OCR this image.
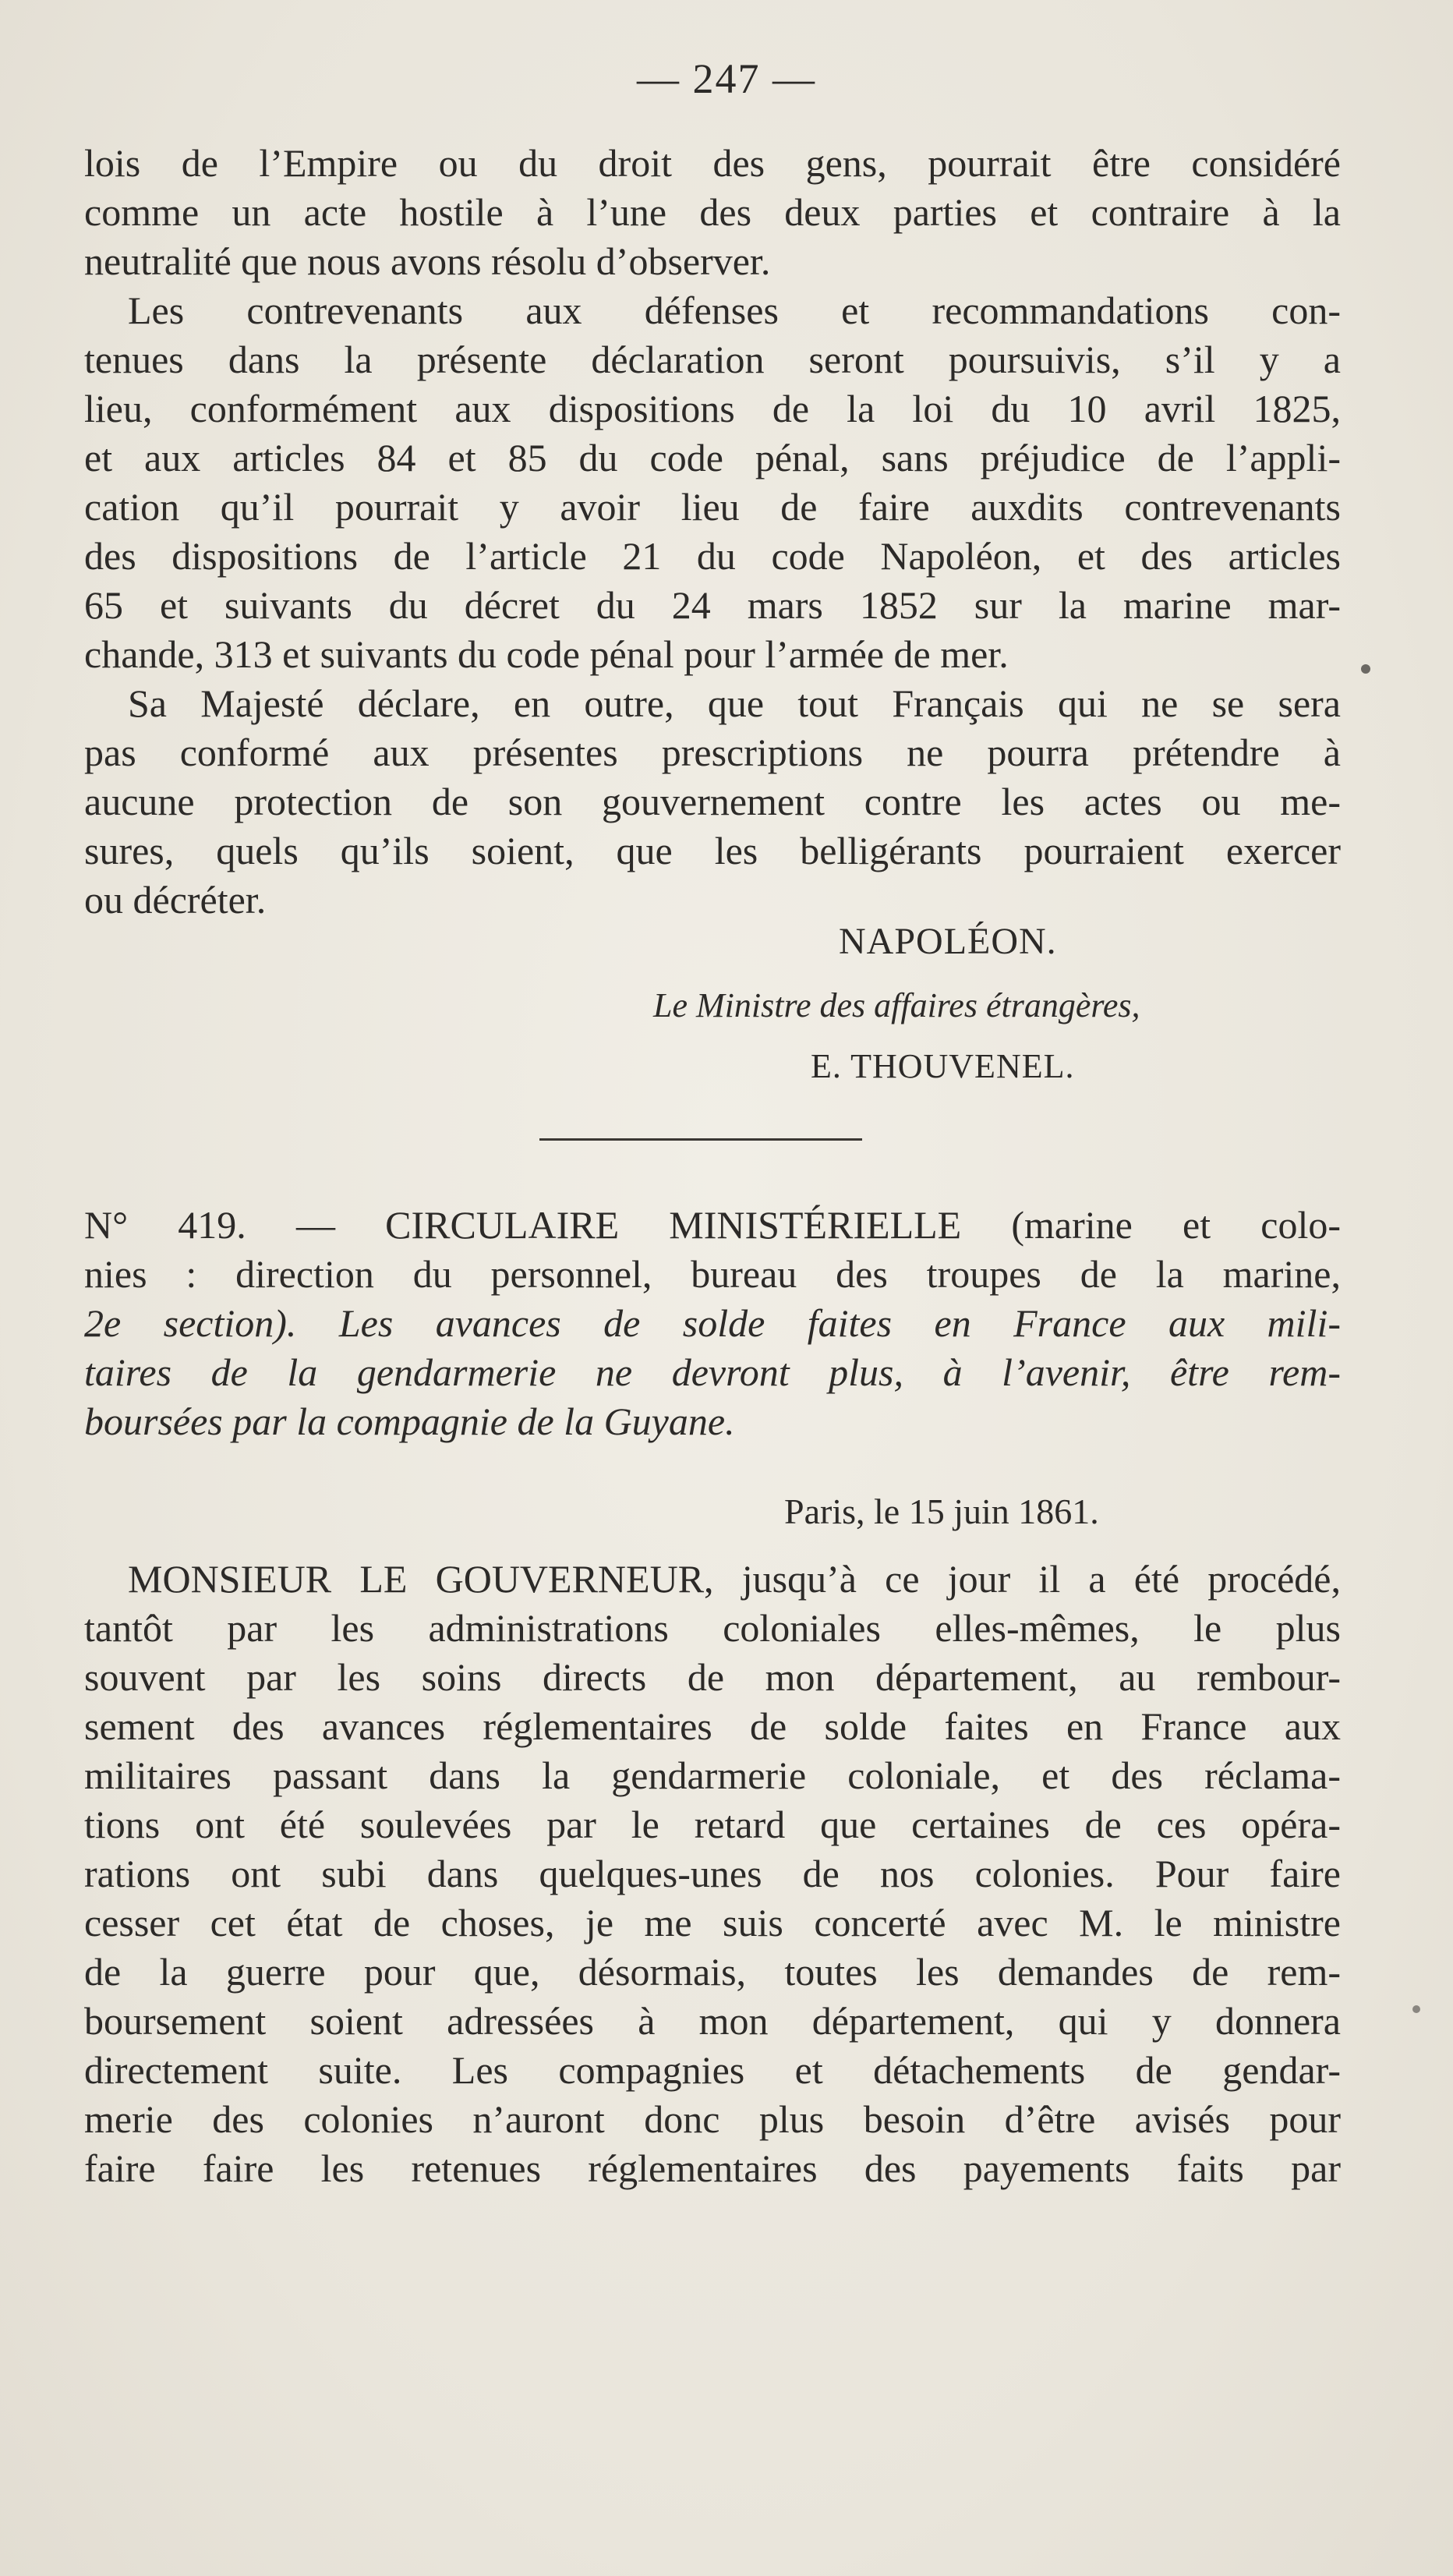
— 247 —
lois de l’Empire ou du droit des gens, pourrait être considéré
comme un acte hostile à l’une des deux parties et contraire à la
neutralité que nous avons résolu d’observer.
Les contrevenants aux défenses et recommandations con-
tenues dans la présente déclaration seront poursuivis, s’il y a
lieu, conformément aux dispositions de la loi du 10 avril 1825,
et aux articles 84 et 85 du code pénal, sans préjudice de l’appli-
cation qu’il pourrait y avoir lieu de faire auxdits contrevenants
des dispositions de l’article 21 du code Napoléon, et des articles
65 et suivants du décret du 24 mars 1852 sur la marine mar-
chande, 313 et suivants du code pénal pour l’armée de mer.
Sa Majesté déclare, en outre, que tout Français qui ne se sera
pas conformé aux présentes prescriptions ne pourra prétendre à
aucune protection de son gouvernement contre les actes ou me-
sures, quels qu’ils soient, que les belligérants pourraient exercer
ou décréter.
NAPOLÉON.
Le Ministre des affaires étrangères,
E. THOUVENEL.
N° 419. — CIRCULAIRE MINISTÉRIELLE (marine et colo-
nies : direction du personnel, bureau des troupes de la marine,
2e section). Les avances de solde faites en France aux mili-
taires de la gendarmerie ne devront plus, à l’avenir, être rem-
boursées par la compagnie de la Guyane.
Paris, le 15 juin 1861.
MONSIEUR LE GOUVERNEUR, jusqu’à ce jour il a été procédé,
tantôt par les administrations coloniales elles-mêmes, le plus
souvent par les soins directs de mon département, au rembour-
sement des avances réglementaires de solde faites en France aux
militaires passant dans la gendarmerie coloniale, et des réclama-
tions ont été soulevées par le retard que certaines de ces opéra-
rations ont subi dans quelques-unes de nos colonies. Pour faire
cesser cet état de choses, je me suis concerté avec M. le ministre
de la guerre pour que, désormais, toutes les demandes de rem-
boursement soient adressées à mon département, qui y donnera
directement suite. Les compagnies et détachements de gendar-
merie des colonies n’auront donc plus besoin d’être avisés pour
faire faire les retenues réglementaires des payements faits par
